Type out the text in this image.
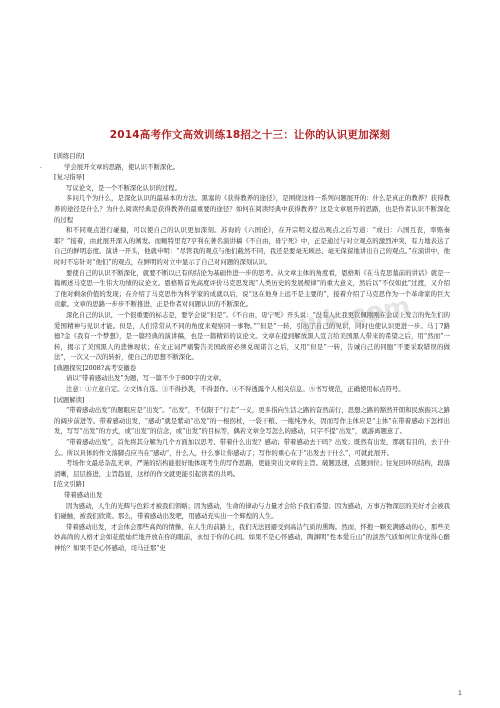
2014高考作文高效训练18招之十三：让你的认识更加深刻
.

[训练目的]

学会展开文章的思路，使认识不断深化。

[复习指导]

写议论文，是一个不断深化认识的过程。

多问几个为什么，是深化认识的最基本的方法。黑塞的《获得教养的途径》，是围绕这样一系列问题展开的：什么是真正的教养？获得教养的途径是什么？为什么阅读经典是获得教养的最重要的途径？如何在阅读经典中获得教养？这是文章展开的思路，也是作者认识不断深化的过程

和不同观点进行碰撞，可以使自己的认识更加深刻。苏询的《六国论》，在开宗明义提出观点之后写道：“或曰：六国互丧，率赂秦耶？”接着，由此展开深入的阐发。而鲍特里克?亨利在著名演讲稿《不自由，毋宁死》中，正是通过与对立观点的激烈冲突，有力地表达了自己的鲜明态度。演讲一开头，他就申明：“尽管我的观点与他们截然不同，我还是要毫无顾忌、毫无保留地讲出自己的观点。”在演讲中，他时时不忘针对“他们”的观点，在鲜明的对立中显示了自己对问题的深刻认识。

要使自己的认识不断深化，就要不断以已有的结论为基础作进一步的思考。从文章主体的角度看，恩格斯《在马克思墓前的讲话》就是一篇阐述马克思一生伟大功绩的议论文。恩格斯首先高度评价马克思发现“人类历史的发展规律”的重大意义，然后以“不仅如此”过渡，又介绍了他对剩余价值的发现；在介绍了马克思作为科学家的成就以后，说“这在他身上远不是主要的”，接着介绍了马克思作为一个革命家的巨大贡献。文章的思路一步步不断推进，正是作者对问题认识的不断深化。

深化自己的认识，一个很重要的标志是，要学会说“但是”。《不自由，毋宁死》开头说：“没有人比我更钦佩刚刚在会议上发言的先生们的爱国精神与见识才能。但是，人们常常从不同的角度来观察同一事物。”“但是”一转，引出了自己的见识，同时也使认识更进一步。马丁?路德?金《我有一个梦想》，是一篇经典的演讲稿，也是一篇精彩的议论文。文章在提到解放黑人宣言给美国黑人带来的希望之后，用“然而”一转，揭示了美国黑人的悲惨现状；在文正词严痛警告美国政府必须兑现诺言之后，又用“但是”一转，告诫自己的同胞“不要采取错误的做法”，一次又一次的转折，使自己的思想不断深化。

[典题探究]2008?高考安徽卷

请以“带着感动出发”为题，写一篇不少于800字的文章。

注意：①立意自定。②文体自选。③不得抄袭，不得套作。④不得透露个人相关信息。⑤书写规范，正确使用标点符号。

[试题解读]

“带着感动出发”的题眼应是“出发”。“出发”，不仅限于“行走”一义，更多指向生活之路的奋然前行，思想之路的豁然开朗和民族振兴之路的阔步前进等。带着感动出发，“感动”就是紫动“出发”的一根拐杖，一袋干粮、一瓶纯净水，因而写作主体应是“主体”在带着感动下怎样出发，写写“出发”的方式，或“出发”的信念，或“出发”的目标等，偶若文章全写怎么的感动，只字不提“出发”，就游离题意了。

“带着感动出发”，首先将其分解为几个方面加以思考、带着什么出发？感动；带着感动去干吗？出发；既然有出发，那就有目的，去干什么。所以具体的作文落脚点应当在“感动”，什么人，什么事让你感动了；写作的重心在于“出发去干什么”，可就此展开。

考场作文最忌杂乱无章，严谨的结构能很好地体现考生的写作思路，更能突出文章的主旨。破题迅速，点题到位；往复回环的结构，段落清晰，层层推进，主旨趋显，这样的作文就更能引起读者的共鸣。

[范文引路]

带着感动出发

因为感动，人生的光辉与色彩才被我们领略；因为感动，生命的律动与力量才会给予我们希望；因为感动，万事万物深层的美好才会被我们碰触，被我们欣赏。那么，带着感动出发吧，用感动充实出一个辉煌的人生。

带着感动出发，才会体会那些高尚的情操，在人生的前路上，我们无法回避受到高洁气质的熏陶。然而，怀抱一颗充满感动的心，那些美妙高尚的人格才会如花般灿烂地开放在你的眼前，永恒于你的心间。如果不是心怀感动，陶渊明“性本爱丘山”的淡然气质如何让你觉得心醉神怡？如果不是心怀感动，司马迁那“史

wk.com
1
